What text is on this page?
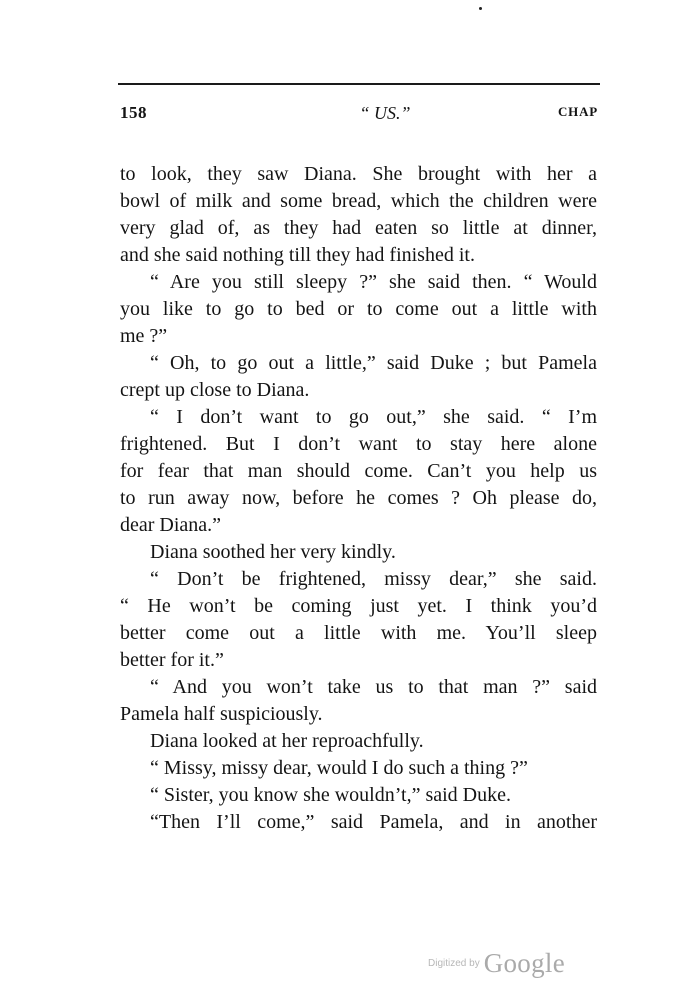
158	“ US.”	CHAP
to look, they saw Diana. She brought with her a
bowl of milk and some bread, which the children were
very glad of, as they had eaten so little at dinner,
and she said nothing till they had finished it.
“ Are you still sleepy ?” she said then. “ Would
you like to go to bed or to come out a little with
me ?”
“ Oh, to go out a little,” said Duke ; but Pamela
crept up close to Diana.
“ I don’t want to go out,” she said. “ I’m
frightened. But I don’t want to stay here alone
for fear that man should come. Can’t you help us
to run away now, before he comes ? Oh please do,
dear Diana.”
Diana soothed her very kindly.
“ Don’t be frightened, missy dear,” she said.
“ He won’t be coming just yet. I think you’d
better come out a little with me. You’ll sleep
better for it.”
“ And you won’t take us to that man ?” said
Pamela half suspiciously.
Diana looked at her reproachfully.
“ Missy, missy dear, would I do such a thing ?”
“ Sister, you know she wouldn’t,” said Duke.
“Then I’ll come,” said Pamela, and in another
Digitized by Google
